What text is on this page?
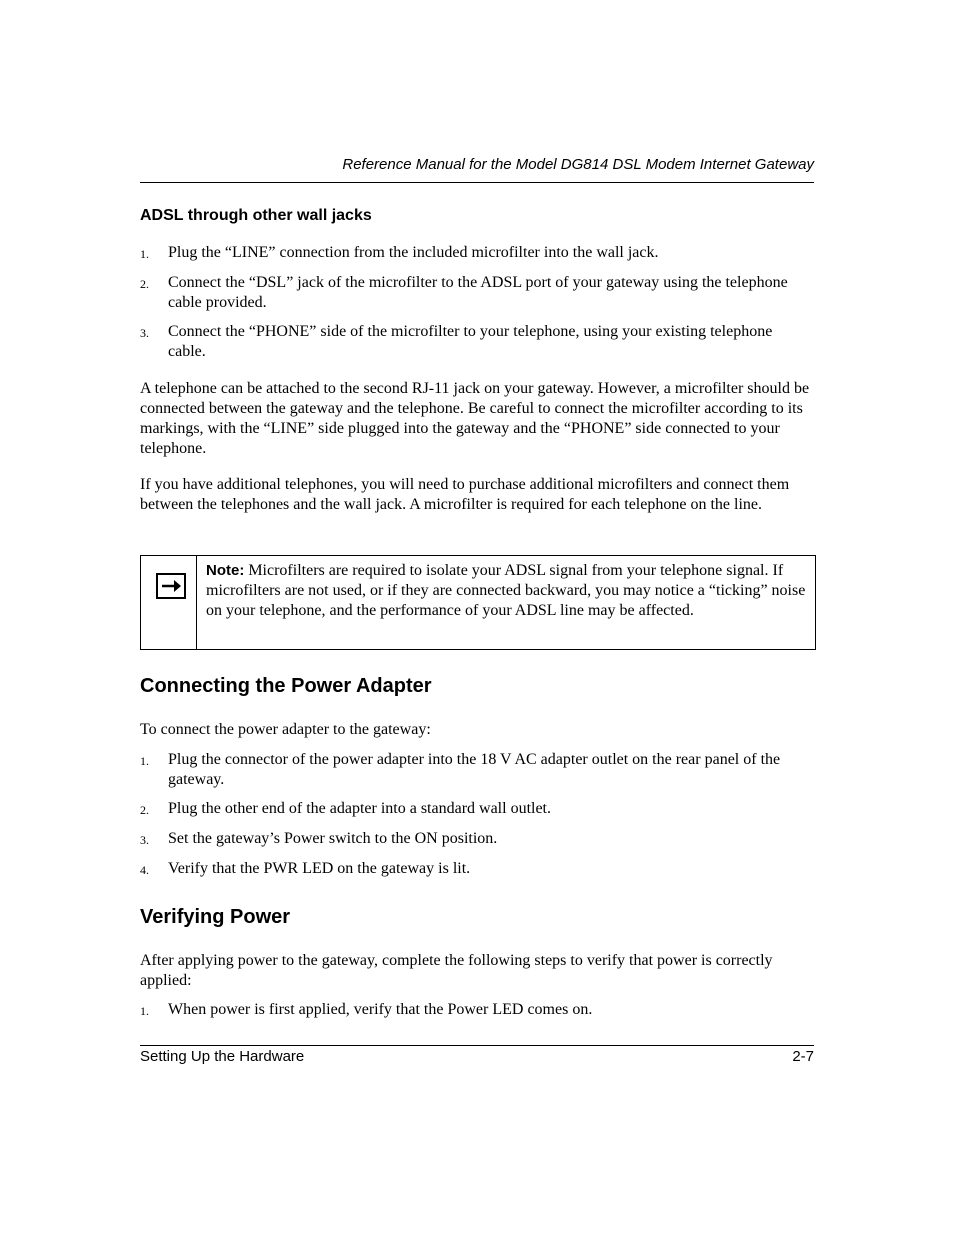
Reference Manual for the Model DG814 DSL Modem Internet Gateway
ADSL through other wall jacks
1. Plug the “LINE” connection from the included microfilter into the wall jack.
2. Connect the “DSL” jack of the microfilter to the ADSL port of your gateway using the telephone cable provided.
3. Connect the “PHONE” side of the microfilter to your telephone, using your existing telephone cable.
A telephone can be attached to the second RJ-11 jack on your gateway. However, a microfilter should be connected between the gateway and the telephone. Be careful to connect the microfilter according to its markings, with the “LINE” side plugged into the gateway and the “PHONE” side connected to your telephone.
If you have additional telephones, you will need to purchase additional microfilters and connect them between the telephones and the wall jack. A microfilter is required for each telephone on the line.
Note: Microfilters are required to isolate your ADSL signal from your telephone signal. If microfilters are not used, or if they are connected backward, you may notice a “ticking” noise on your telephone, and the performance of your ADSL line may be affected.
Connecting the Power Adapter
To connect the power adapter to the gateway:
1. Plug the connector of the power adapter into the 18 V AC adapter outlet on the rear panel of the gateway.
2. Plug the other end of the adapter into a standard wall outlet.
3. Set the gateway’s Power switch to the ON position.
4. Verify that the PWR LED on the gateway is lit.
Verifying Power
After applying power to the gateway, complete the following steps to verify that power is correctly applied:
1. When power is first applied, verify that the Power LED comes on.
Setting Up the Hardware	2-7
